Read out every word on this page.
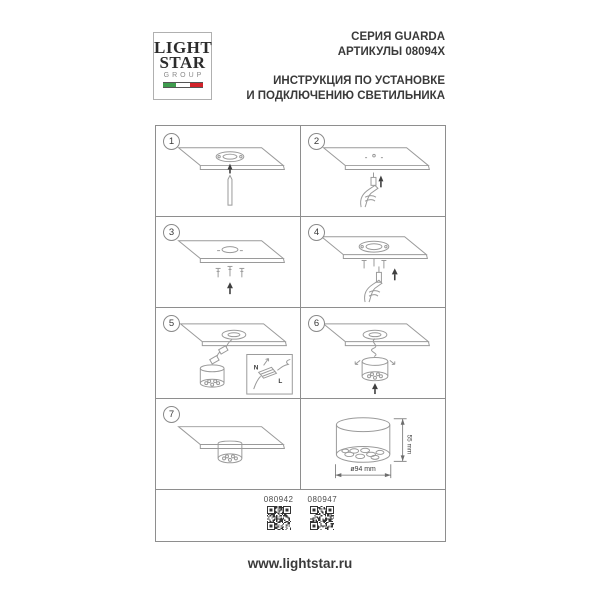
LIGHT
STAR
GROUP
СЕРИЯ GUARDA
АРТИКУЛЫ 08094X
ИНСТРУКЦИЯ ПО УСТАНОВКЕ
И ПОДКЛЮЧЕНИЮ СВЕТИЛЬНИКА
1	2
3	4
5
N
L
6
7
55 mm
ø94 mm
080942 080947
www.lightstar.ru
